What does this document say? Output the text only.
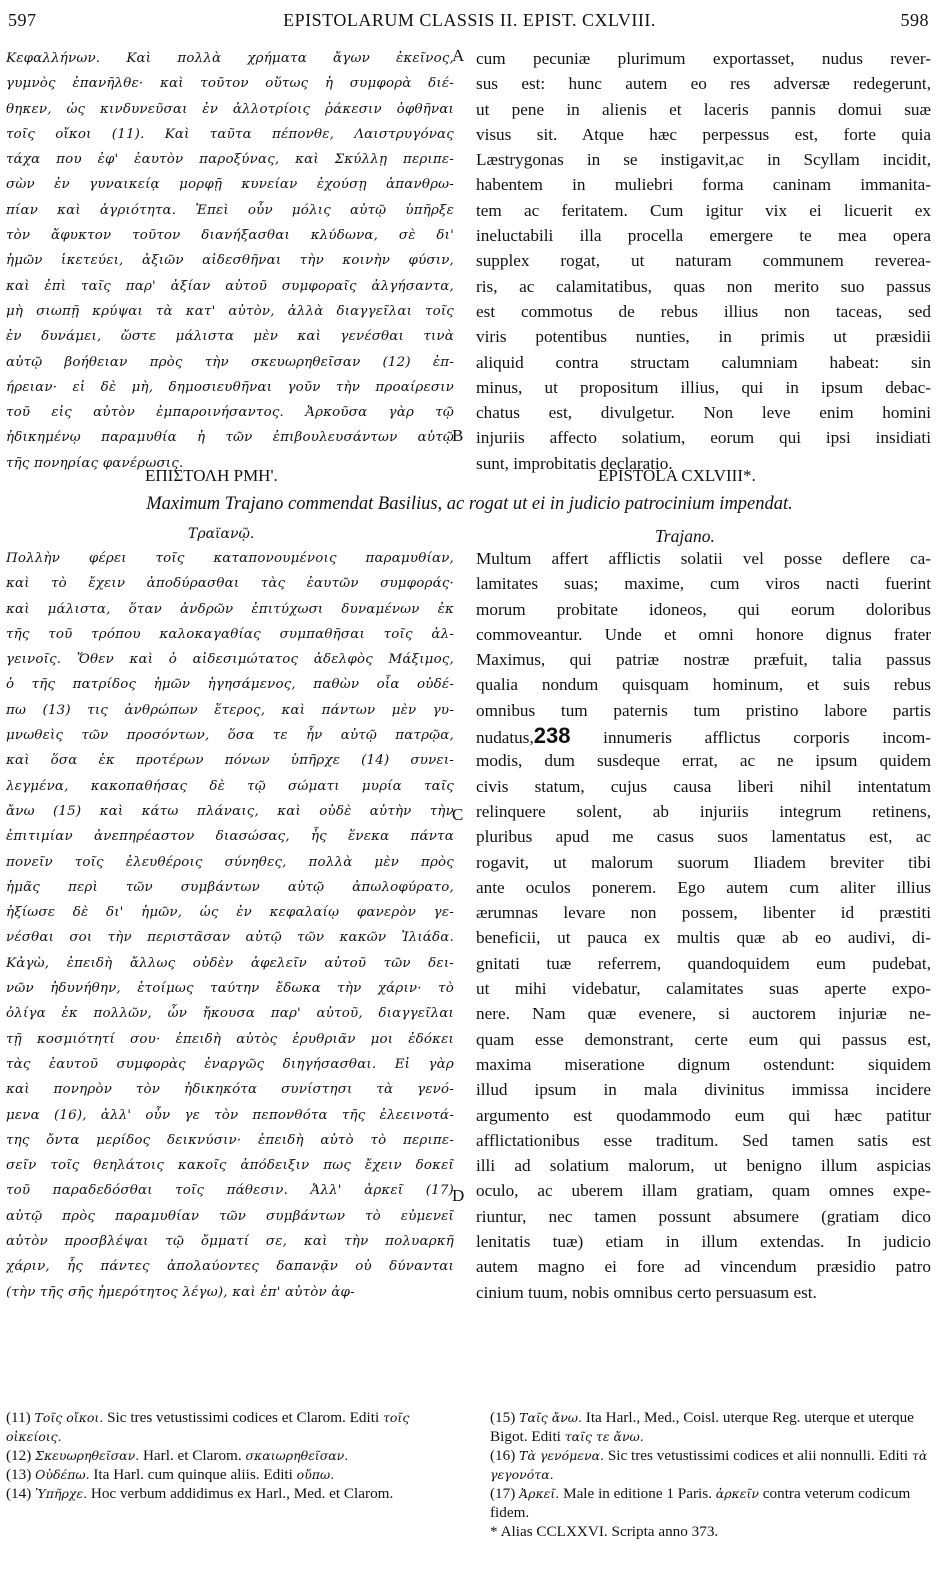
597	EPISTOLARUM CLASSIS II. EPIST. CXLVIII.	598
Κεφαλλήνων. Καὶ πολλὰ χρήματα ἄγων ἐκεῖνος,
γυμνὸς ἐπανῆλθε· καὶ τοῦτον οὕτως ἡ συμφορὰ διέ-
θηκεν, ὡς κινδυνεῦσαι ἐν ἀλλοτρίοις ῥάκεσιν ὀφθῆναι
τοῖς οἴκοι (11). Καὶ ταῦτα πέπονθε, Λαιστρυγόνας
τάχα που ἐφ' ἑαυτὸν παροξύνας, καὶ Σκύλλῃ περιπε-
σὼν ἐν γυναικείᾳ μορφῇ κυνείαν ἐχούσῃ ἀπανθρω-
πίαν καὶ ἀγριότητα. Ἐπεὶ οὖν μόλις αὐτῷ ὑπῆρξε
τὸν ἄφυκτον τοῦτον διανήξασθαι κλύδωνα, σὲ δι'
ἡμῶν ἱκετεύει, ἀξιῶν αἰδεσθῆναι τὴν κοινὴν φύσιν,
καὶ ἐπὶ ταῖς παρ' ἀξίαν αὐτοῦ συμφοραῖς ἀλγήσαντα,
μὴ σιωπῇ κρύψαι τὰ κατ' αὐτὸν, ἀλλὰ διαγγεῖλαι τοῖς
ἐν δυνάμει, ὥστε μάλιστα μὲν καὶ γενέσθαι τινὰ
αὐτῷ βοήθειαν πρὸς τὴν σκευωρηθεῖσαν (12) ἐπ-
ήρειαν· εἰ δὲ μὴ, δημοσιευθῆναι γοῦν τὴν προαίρεσιν
τοῦ εἰς αὐτὸν ἐμπαροινήσαντος. Ἀρκοῦσα γὰρ τῷ
ἠδικημένῳ παραμυθία ἡ τῶν ἐπιβουλευσάντων αὐτῷ
τῆς πονηρίας φανέρωσις.
cum pecuniæ plurimum exportasset, nudus rever-
sus est: hunc autem eo res adversæ redegerunt,
ut pene in alienis et laceris pannis domui suæ
visus sit. Atque hæc perpessus est, forte quia
Læstrygonas in se instigavit,ac in Scyllam incidit,
habentem in muliebri forma caninam immanita-
tem ac feritatem. Cum igitur vix ei licuerit ex
ineluctabili illa procella emergere te mea opera
supplex rogat, ut naturam communem reverea-
ris, ac calamitatibus, quas non merito suo passus
est commotus de rebus illius non taceas, sed
viris potentibus nunties, in primis ut præsidii
aliquid contra structam calumniam habeat: sin
minus, ut propositum illius, qui in ipsum debac-
chatus est, divulgetur. Non leve enim homini
injuriis affecto solatium, eorum qui ipsi insidiati
sunt, improbitatis declaratio.
A
B
C
D
ΕΠΙΣΤΟΛΗ ΡΜΗ'.	EPISTOLA CXLVIII*.
Maximum Trajano commendat Basilius, ac rogat ut ei in judicio patrocinium impendat.
Τραϊανῷ.	Trajano.
Πολλὴν φέρει τοῖς καταπονουμένοις παραμυθίαν,
καὶ τὸ ἔχειν ἀποδύρασθαι τὰς ἑαυτῶν συμφοράς·
καὶ μάλιστα, ὅταν ἀνδρῶν ἐπιτύχωσι δυναμένων ἐκ
τῆς τοῦ τρόπου καλοκαγαθίας συμπαθῆσαι τοῖς ἀλ-
γεινοῖς. Ὅθεν καὶ ὁ αἰδεσιμώτατος ἀδελφὸς Μάξιμος,
ὁ τῆς πατρίδος ἡμῶν ἡγησάμενος, παθὼν οἷα οὐδέ-
πω (13) τις ἀνθρώπων ἕτερος, καὶ πάντων μὲν γυ-
μνωθεὶς τῶν προσόντων, ὅσα τε ἦν αὐτῷ πατρῷα,
καὶ ὅσα ἐκ προτέρων πόνων ὑπῆρχε (14) συνει-
λεγμένα, κακοπαθήσας δὲ τῷ σώματι μυρία ταῖς
ἄνω (15) καὶ κάτω πλάναις, καὶ οὐδὲ αὐτὴν τὴν
ἐπιτιμίαν ἀνεπηρέαστον διασώσας, ἧς ἕνεκα πάντα
πονεῖν τοῖς ἐλευθέροις σύνηθες, πολλὰ μὲν πρὸς
ἡμᾶς περὶ τῶν συμβάντων αὐτῷ ἀπωλοφύρατο,
ἠξίωσε δὲ δι' ἡμῶν, ὡς ἐν κεφαλαίῳ φανερὸν γε-
νέσθαι σοι τὴν περιστᾶσαν αὐτῷ τῶν κακῶν Ἰλιάδα.
Κἀγὼ, ἐπειδὴ ἄλλως οὐδὲν ἀφελεῖν αὐτοῦ τῶν δει-
νῶν ἠδυνήθην, ἑτοίμως ταύτην ἔδωκα τὴν χάριν· τὸ
ὀλίγα ἐκ πολλῶν, ὧν ἤκουσα παρ' αὐτοῦ, διαγγεῖλαι
τῇ κοσμιότητί σου· ἐπειδὴ αὐτὸς ἐρυθριᾶν μοι ἐδόκει
τὰς ἑαυτοῦ συμφορὰς ἐναργῶς διηγήσασθαι. Εἰ γὰρ
καὶ πονηρὸν τὸν ἠδικηκότα συνίστησι τὰ γενό-
μενα (16), ἀλλ' οὖν γε τὸν πεπονθότα τῆς ἐλεεινοτά-
της ὄντα μερίδος δεικνύσιν· ἐπειδὴ αὐτὸ τὸ περιπε-
σεῖν τοῖς θεηλάτοις κακοῖς ἀπόδειξιν πως ἔχειν δοκεῖ
τοῦ παραδεδόσθαι τοῖς πάθεσιν. Ἀλλ' ἀρκεῖ (17)
αὐτῷ πρὸς παραμυθίαν τῶν συμβάντων τὸ εὐμενεῖ
αὐτὸν προσβλέψαι τῷ ὄμματί σε, καὶ τὴν πολυαρκῆ
χάριν, ἧς πάντες ἀπολαύοντες δαπανᾷν οὐ δύνανται
(τὴν τῆς σῆς ἡμερότητος λέγω), καὶ ἐπ' αὐτὸν ἀφ-
Multum affert afflictis solatii vel posse deflere ca-
lamitates suas; maxime, cum viros nacti fuerint
morum probitate idoneos, qui eorum doloribus
commoveantur. Unde et omni honore dignus frater
Maximus, qui patriæ nostræ præfuit, talia passus
qualia nondum quisquam hominum, et suis rebus
omnibus tum paternis tum pristino labore partis
nudatus,238 innumeris afflictus corporis incom-
modis, dum susdeque errat, ac ne ipsum quidem
civis statum, cujus causa liberi nihil intentatum
relinquere solent, ab injuriis integrum retinens,
pluribus apud me casus suos lamentatus est, ac
rogavit, ut malorum suorum Iliadem breviter tibi
ante oculos ponerem. Ego autem cum aliter illius
ærumnas levare non possem, libenter id præstiti
beneficii, ut pauca ex multis quæ ab eo audivi, di-
gnitati tuæ referrem, quandoquidem eum pudebat,
ut mihi videbatur, calamitates suas aperte expo-
nere. Nam quæ evenere, si auctorem injuriæ ne-
quam esse demonstrant, certe eum qui passus est,
maxima miseratione dignum ostendunt: siquidem
illud ipsum in mala divinitus immissa incidere
argumento est quodammodo eum qui hæc patitur
afflictationibus esse traditum. Sed tamen satis est
illi ad solatium malorum, ut benigno illum aspicias
oculo, ac uberem illam gratiam, quam omnes expe-
riuntur, nec tamen possunt absumere (gratiam dico
lenitatis tuæ) etiam in illum extendas. In judicio
autem magno ei fore ad vincendum præsidio patro
cinium tuum, nobis omnibus certo persuasum est.

(11) Τοῖς οἴκοι. Sic tres vetustissimi codices et Clarom. Editi τοῖς οἰκείοις.

(12) Σκευωρηθεῖσαν. Harl. et Clarom. σκαιωρηθεῖσαν.

(13) Οὐδέπω. Ita Harl. cum quinque aliis. Editi οὔπω.

(14) Ὑπῆρχε. Hoc verbum addidimus ex Harl., Med. et Clarom.

(15) Ταῖς ἄνω. Ita Harl., Med., Coisl. uterque Reg. uterque et uterque Bigot. Editi ταῖς τε ἄνω.

(16) Τὰ γενόμενα. Sic tres vetustissimi codices et alii nonnulli. Editi τὰ γεγονότα.

(17) Ἀρκεῖ. Male in editione 1 Paris. ἀρκεῖν contra veterum codicum fidem.

* Alias CCLXXVI. Scripta anno 373.
